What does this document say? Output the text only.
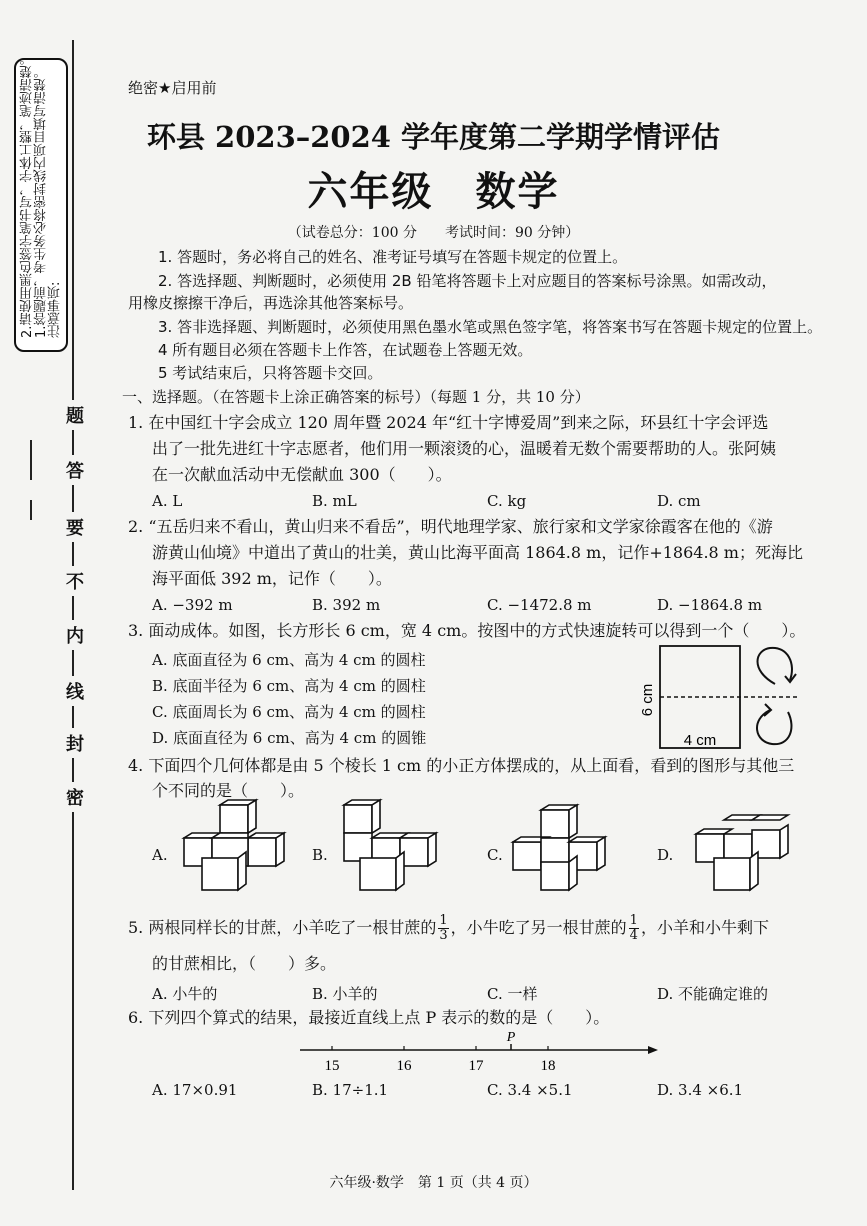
注意事项:
1.答题前，考生务必将密封线内项目填写清楚。
2.请使用黑色签字笔书写，字体工整，笔迹清楚。
题
答
要
不
内
线
封
密
绝密★启用前
环县 2023–2024 学年度第二学期学情评估
六年级　数学
（试卷总分：100 分　　考试时间：90 分钟）
1. 答题时，务必将自己的姓名、准考证号填写在答题卡规定的位置上。
2. 答选择题、判断题时，必须使用 2B 铅笔将答题卡上对应题目的答案标号涂黑。如需改动，
用橡皮擦擦干净后，再选涂其他答案标号。
3. 答非选择题、判断题时，必须使用黑色墨水笔或黑色签字笔，将答案书写在答题卡规定的位置上。
4 所有题目必须在答题卡上作答，在试题卷上答题无效。
5 考试结束后，只将答题卡交回。
一、选择题。（在答题卡上涂正确答案的标号）（每题 1 分，共 10 分）
1. 在中国红十字会成立 120 周年暨 2024 年“红十字博爱周”到来之际，环县红十字会评选
出了一批先进红十字志愿者，他们用一颗滚烫的心，温暖着无数个需要帮助的人。张阿姨
在一次献血活动中无偿献血 300（　　）。
A. L	B. mL	C. kg	D. cm
2. “五岳归来不看山，黄山归来不看岳”，明代地理学家、旅行家和文学家徐霞客在他的《游
游黄山仙境》中道出了黄山的壮美，黄山比海平面高 1864.8 m，记作+1864.8 m；死海比
海平面低 392 m，记作（　　）。
A. −392 m	B. 392 m	C. −1472.8 m	D. −1864.8 m
3. 面动成体。如图，长方形长 6 cm，宽 4 cm。按图中的方式快速旋转可以得到一个（　　）。
A. 底面直径为 6 cm、高为 4 cm 的圆柱
B. 底面半径为 6 cm、高为 4 cm 的圆柱
C. 底面周长为 6 cm、高为 4 cm 的圆柱
D. 底面直径为 6 cm、高为 4 cm 的圆锥
6 cm
4 cm
4. 下面四个几何体都是由 5 个棱长 1 cm 的小正方体摆成的，从上面看，看到的图形与其他三
个不同的是（　　）。
A.	B.	C.	D.
5. 两根同样长的甘蔗，小羊吃了一根甘蔗的 $\frac{1}{3}$ ，小牛吃了另一根甘蔗的 $\frac{1}{4}$ ，小羊和小牛剩下
的甘蔗相比，（　　）多。
A. 小牛的	B. 小羊的	C. 一样	D. 不能确定谁的
6. 下列四个算式的结果，最接近直线上点 P 表示的数的是（　　）。
P
15	16	17	18
A. 17×0.91	B. 17÷1.1	C. 3.4 ×5.1	D. 3.4 ×6.1
六年级·数学　第 1 页（共 4 页）
